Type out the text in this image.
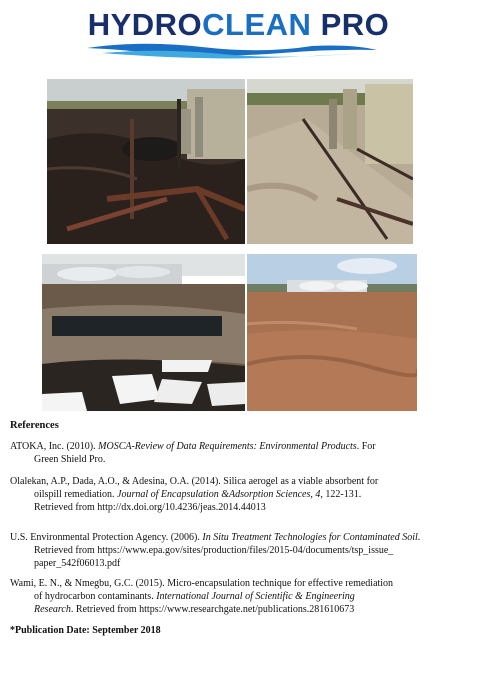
HYDROCLEAN PRO
References
ATOKA, Inc. (2010). MOSCA-Review of Data Requirements: Environmental Products. For
Green Shield Pro.
Olalekan, A.P., Dada, A.O., & Adesina, O.A. (2014). Silica aerogel as a viable absorbent for
oilspill remediation. Journal of Encapsulation &Adsorption Sciences, 4, 122-131.
Retrieved from http://dx.doi.org/10.4236/jeas.2014.44013
U.S. Environmental Protection Agency. (2006). In Situ Treatment Technologies for Contaminated Soil.
Retrieved from https://www.epa.gov/sites/production/files/2015-04/documents/tsp_issue_
paper_542f06013.pdf
Wami, E. N., & Nmegbu, G.C. (2015). Micro-encapsulation technique for effective remediation
of hydrocarbon contaminants. International Journal of Scientific & Engineering
Research. Retrieved from https://www.researchgate.net/publications.281610673
*Publication Date: September 2018
